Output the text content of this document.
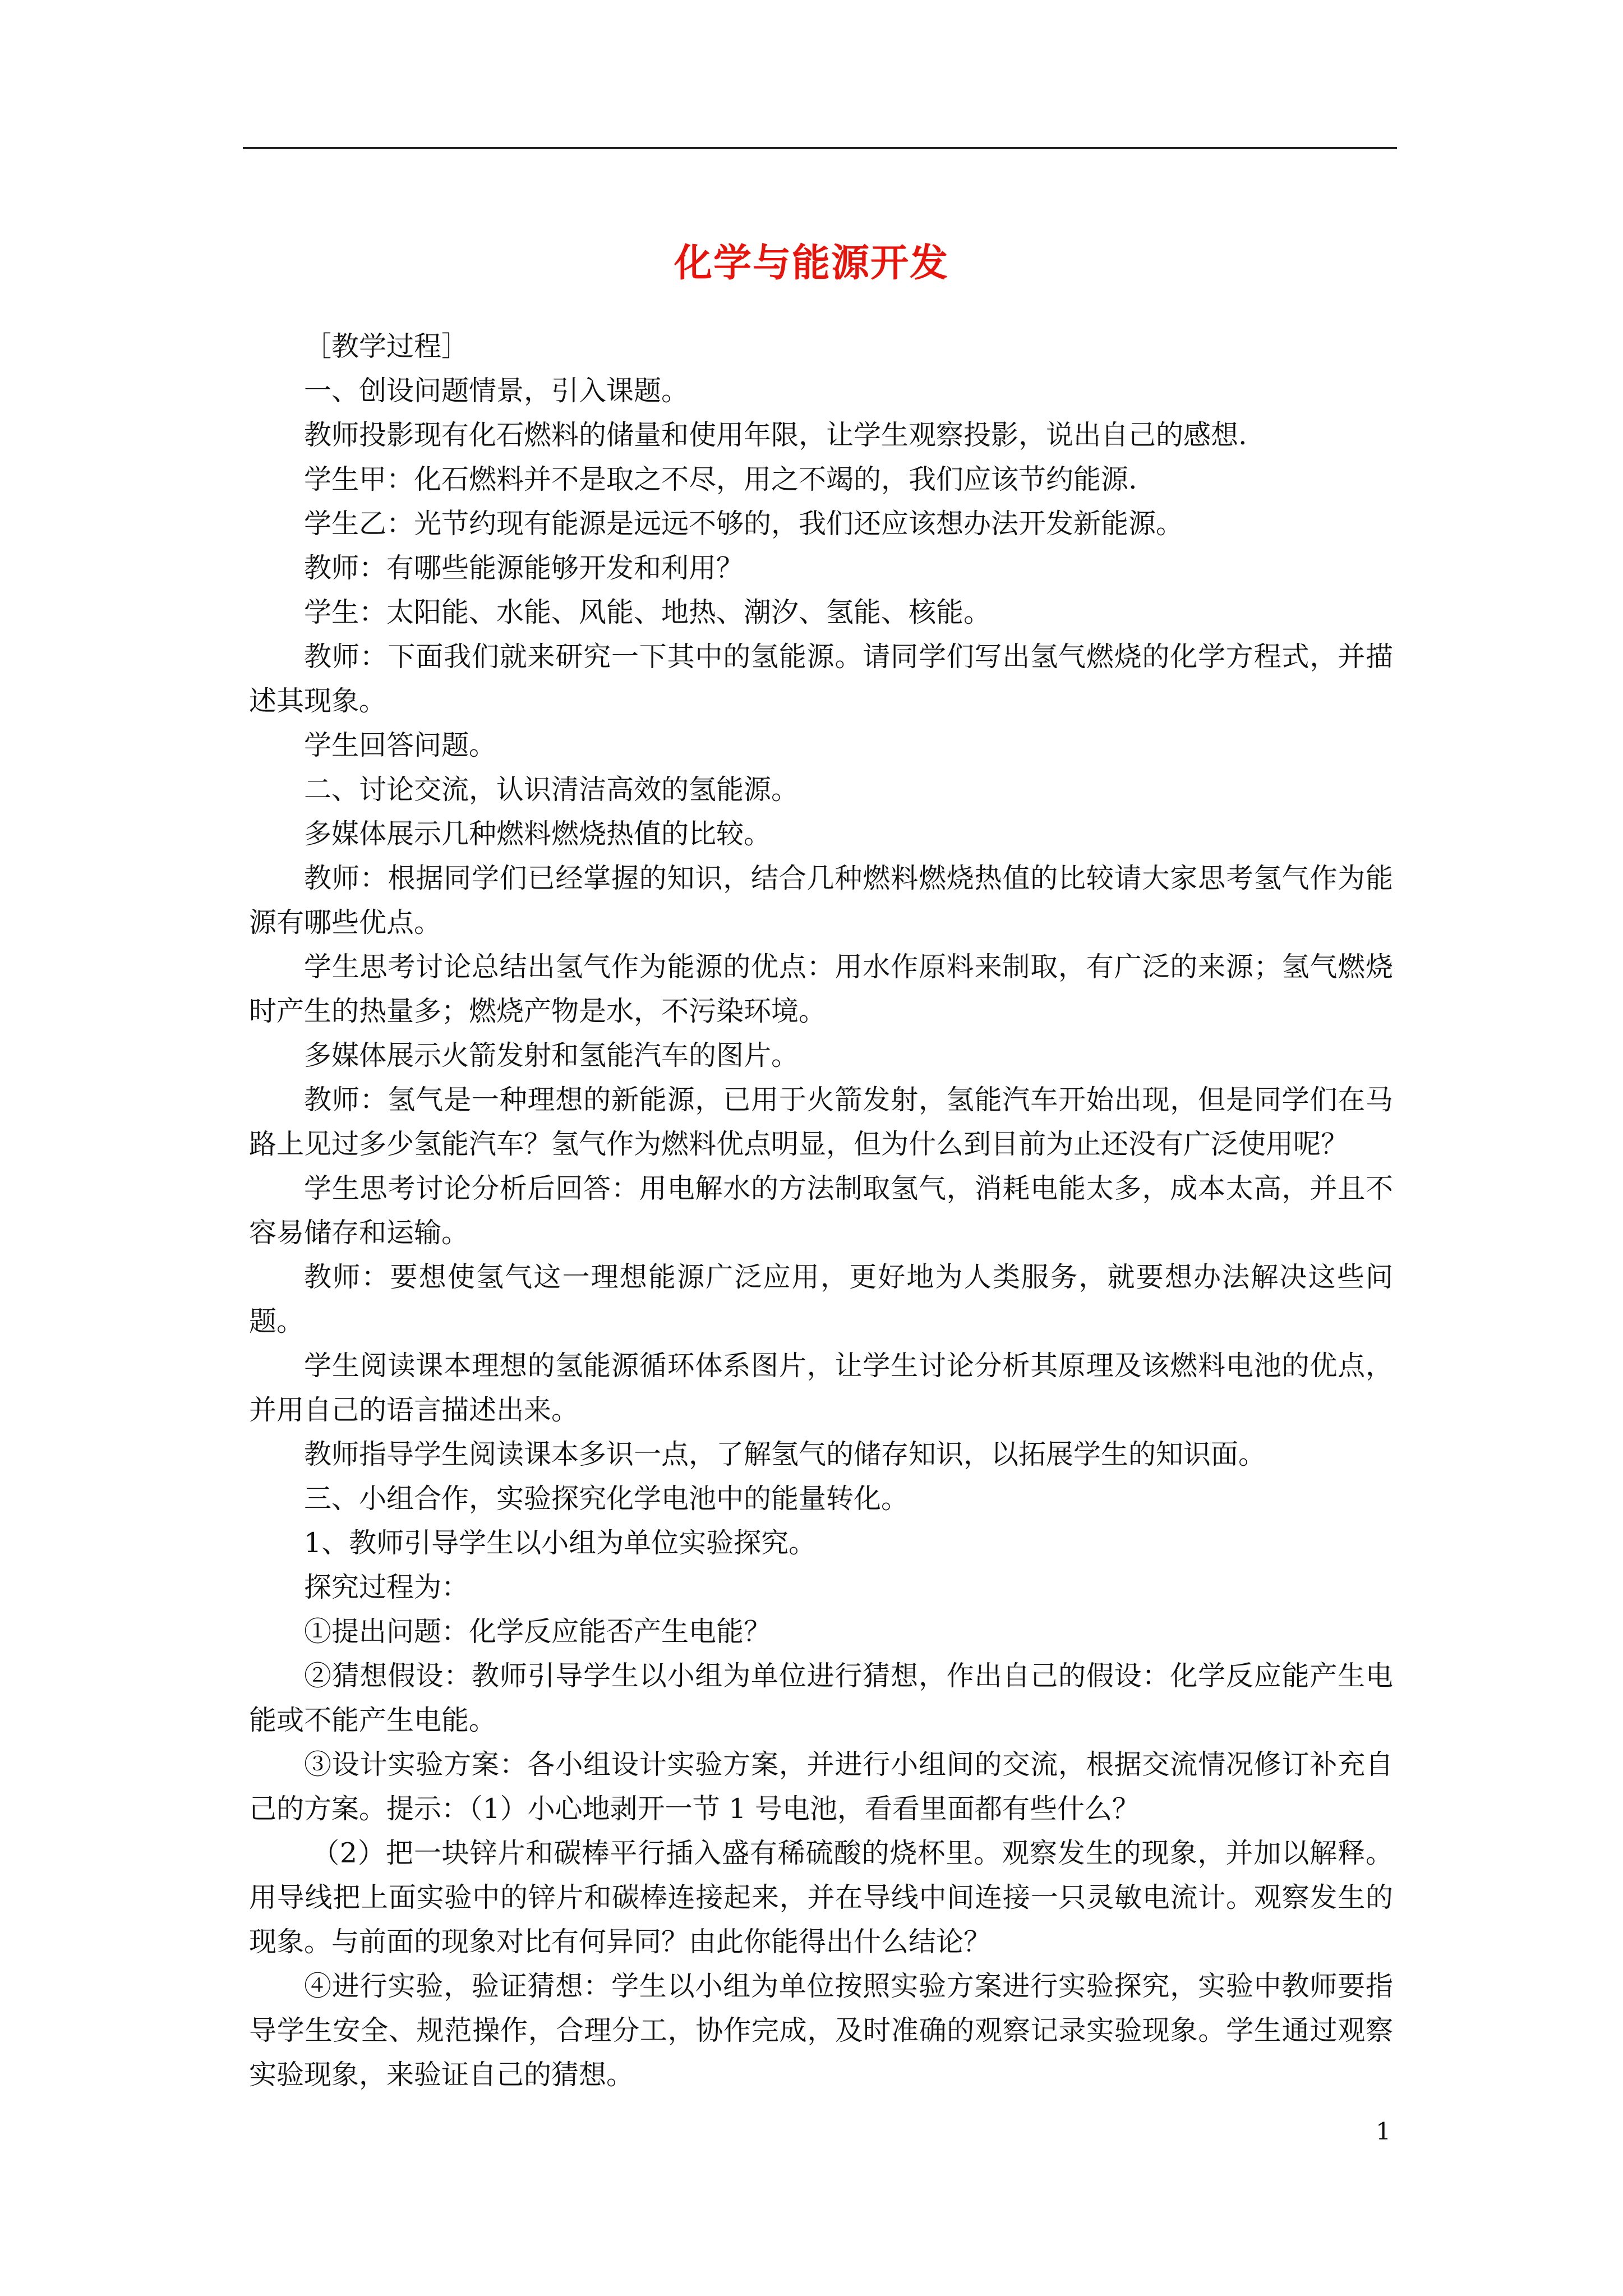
化学与能源开发

［教学过程］

一、创设问题情景，引入课题。

教师投影现有化石燃料的储量和使用年限，让学生观察投影，说出自己的感想.

学生甲：化石燃料并不是取之不尽，用之不竭的，我们应该节约能源.

学生乙：光节约现有能源是远远不够的，我们还应该想办法开发新能源。

教师：有哪些能源能够开发和利用？

学生：太阳能、水能、风能、地热、潮汐、氢能、核能。

教师：下面我们就来研究一下其中的氢能源。请同学们写出氢气燃烧的化学方程式，并描述其现象。

学生回答问题。

二、讨论交流，认识清洁高效的氢能源。

多媒体展示几种燃料燃烧热值的比较。

教师：根据同学们已经掌握的知识，结合几种燃料燃烧热值的比较请大家思考氢气作为能源有哪些优点。

学生思考讨论总结出氢气作为能源的优点：用水作原料来制取，有广泛的来源；氢气燃烧时产生的热量多；燃烧产物是水，不污染环境。

多媒体展示火箭发射和氢能汽车的图片。

教师：氢气是一种理想的新能源，已用于火箭发射，氢能汽车开始出现，但是同学们在马路上见过多少氢能汽车？氢气作为燃料优点明显，但为什么到目前为止还没有广泛使用呢？

学生思考讨论分析后回答：用电解水的方法制取氢气，消耗电能太多，成本太高，并且不容易储存和运输。

教师：要想使氢气这一理想能源广泛应用，更好地为人类服务，就要想办法解决这些问题。

学生阅读课本理想的氢能源循环体系图片，让学生讨论分析其原理及该燃料电池的优点，并用自己的语言描述出来。

教师指导学生阅读课本多识一点，了解氢气的储存知识，以拓展学生的知识面。

三、小组合作，实验探究化学电池中的能量转化。

1、教师引导学生以小组为单位实验探究。

探究过程为：

①提出问题：化学反应能否产生电能？

②猜想假设：教师引导学生以小组为单位进行猜想，作出自己的假设：化学反应能产生电能或不能产生电能。

③设计实验方案：各小组设计实验方案，并进行小组间的交流，根据交流情况修订补充自己的方案。提示：（1）小心地剥开一节 1 号电池，看看里面都有些什么？

（2）把一块锌片和碳棒平行插入盛有稀硫酸的烧杯里。观察发生的现象，并加以解释。用导线把上面实验中的锌片和碳棒连接起来，并在导线中间连接一只灵敏电流计。观察发生的现象。与前面的现象对比有何异同？由此你能得出什么结论？

④进行实验，验证猜想：学生以小组为单位按照实验方案进行实验探究，实验中教师要指导学生安全、规范操作，合理分工，协作完成，及时准确的观察记录实验现象。学生通过观察实验现象，来验证自己的猜想。

1
